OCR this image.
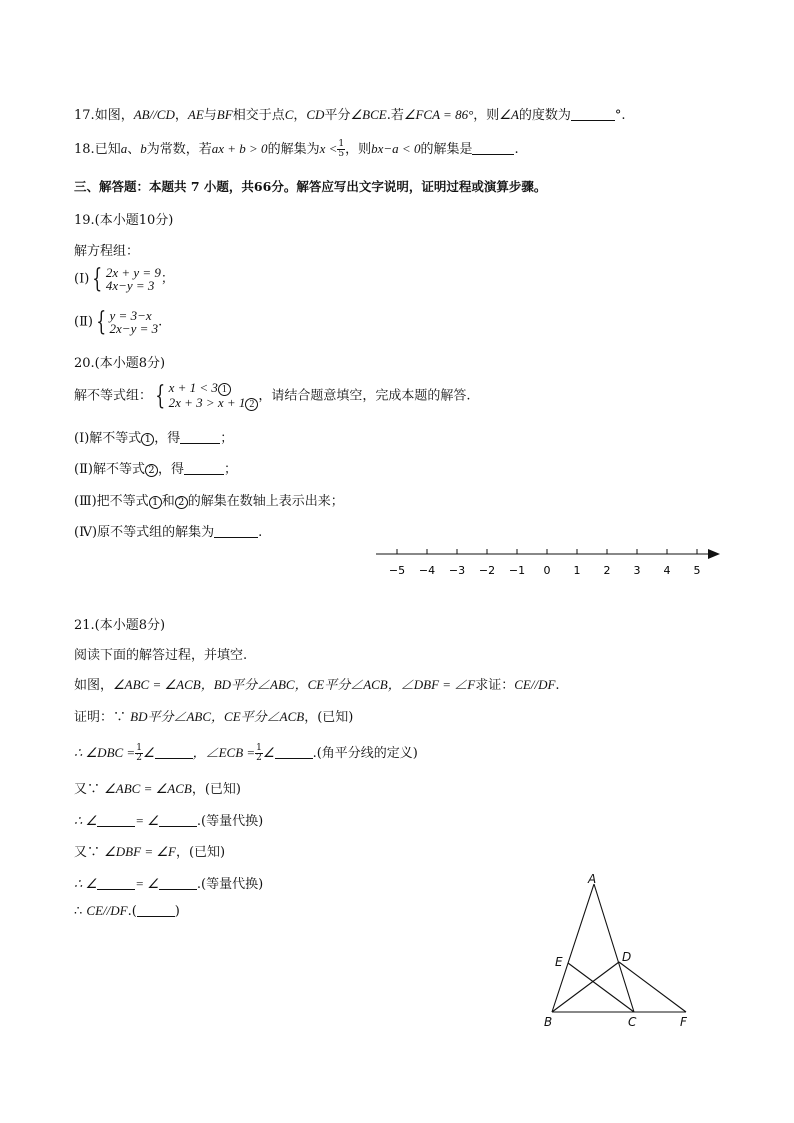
17.如图，AB//CD，AE与BF相交于点C，CD平分∠BCE.若∠FCA = 86°，则∠A的度数为	°.
18.已知a、b为常数，若ax + b > 0的解集为$x < \frac{1}{5}$ ，则bx−a < 0的解集是	.
三、解答题：本题共 7 小题，共66分。解答应写出文字说明，证明过程或演算步骤。
19.(本小题10分)
解方程组：
(Ⅰ) { 2x + y = 9
4x−y = 3 ；
(Ⅱ) { y = 3−x
2x−y = 3.
20.(本小题8分)
解不等式组： { x + 1 < 3 1
2x + 3 > x + 1 2，请结合题意填空，完成本题的解答.
(Ⅰ)解不等式 1 ，得	；
(Ⅱ)解不等式 2 ，得	；
(Ⅲ)把不等式 1 和 2 的解集在数轴上表示出来；
(Ⅳ)原不等式组的解集为	.
−5 −4 −3 −2 −1 0 1 2 3 4 5
21.(本小题8分)
阅读下面的解答过程，并填空.
如图，∠ABC = ∠ACB，BD平分∠ABC，CE平分∠ACB，∠DBF = ∠F求证：CE//DF.
证明：∵ BD平分∠ABC，CE平分∠ACB，(已知)
∴ ∠DBC = $\frac{1}{2}$ ∠	，∠ECB = $\frac{1}{2}$ ∠	.(角平分线的定义)
又∵ ∠ABC = ∠ACB，(已知)
∴ ∠	= ∠	.(等量代换)
又∵ ∠DBF = ∠F，(已知)
∴ ∠	= ∠	.(等量代换)
∴ CE//DF.(	)
A
B	C
D
E
F
